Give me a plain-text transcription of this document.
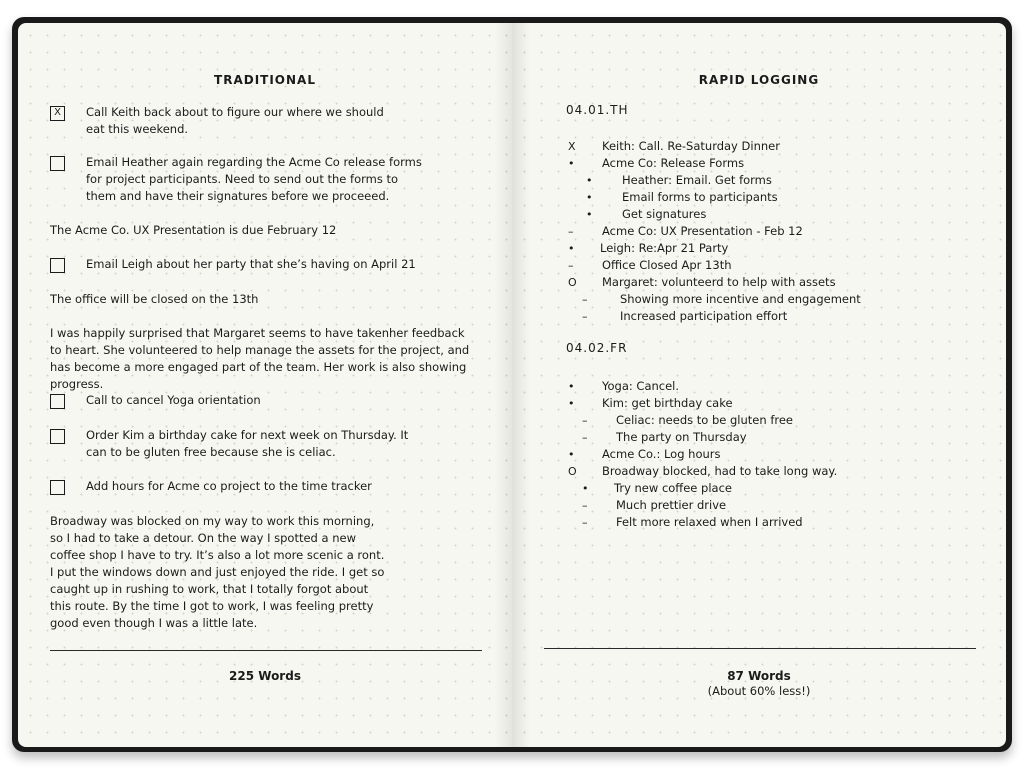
TRADITIONAL
X	Call Keith back about to figure our where we should eat this weekend.
Email Heather again regarding the Acme Co release forms for project participants. Need to send out the forms to them and have their signatures before we proceeed.
The Acme Co. UX Presentation is due February 12
Email Leigh about her party that she’s having on April 21
The office will be closed on the 13th
I was happily surprised that Margaret seems to have takenher feedback to heart. She volunteered to help manage the assets for the project, and has become a more engaged part of the team. Her work is also showing progress.
Call to cancel Yoga orientation
Order Kim a birthday cake for next week on Thursday. It can to be gluten free because she is celiac.
Add hours for Acme co project to the time tracker
Broadway was blocked on my way to work this morning, so I had to take a detour. On the way I spotted a new coffee shop I have to try. It’s also a lot more scenic a ront. I put the windows down and just enjoyed the ride. I get so caught up in rushing to work, that I totally forgot about this route. By the time I got to work, I was feeling pretty good even though I was a little late.
225 Words
RAPID LOGGING
04.01.TH
X Keith: Call. Re-Saturday Dinner
• Acme Co: Release Forms
•	Heather: Email. Get forms
•	Email forms to participants
•	Get signatures
– Acme Co: UX Presentation - Feb 12
• Leigh: Re:Apr 21 Party
– Office Closed Apr 13th
O Margaret: volunteerd to help with assets
–	Showing more incentive and engagement
–	Increased participation effort
04.02.FR
• Yoga: Cancel.
• Kim: get birthday cake
– Celiac: needs to be gluten free
– The party on Thursday
• Acme Co.: Log hours
O Broadway blocked, had to take long way.
• Try new coffee place
– Much prettier drive
– Felt more relaxed when I arrived
87 Words
(About 60% less!)
